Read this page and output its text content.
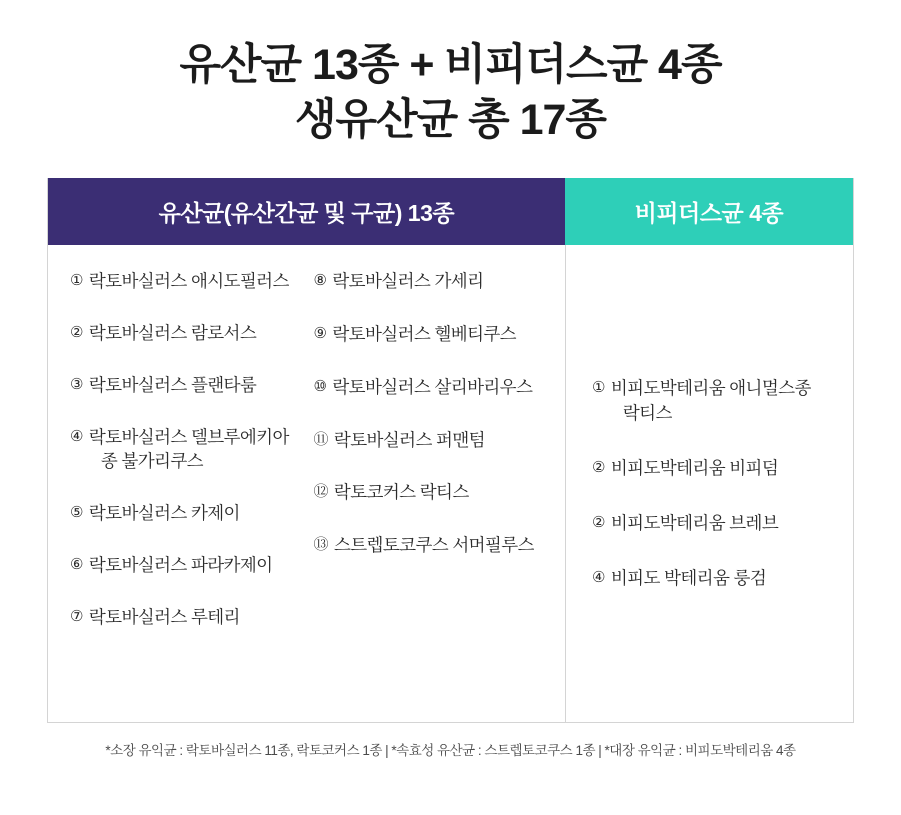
유산균 13종 + 비피더스균 4종
생유산균 총 17종
유산균(유산간균 및 구균) 13종	비피더스균 4종
① 락토바실러스 애시도필러스
② 락토바실러스 람로서스
③ 락토바실러스 플랜타룸
④ 락토바실러스 델브루에키아
종 불가리쿠스
⑤ 락토바실러스 카제이
⑥ 락토바실러스 파라카제이
⑦ 락토바실러스 루테리
⑧ 락토바실러스 가세리
⑨ 락토바실러스 헬베티쿠스
⑩ 락토바실러스 살리바리우스
⑪ 락토바실러스 퍼맨텀
⑫ 락토코커스 락티스
⑬ 스트렙토코쿠스 서머필루스
① 비피도박테리움 애니멀스종
락티스
② 비피도박테리움 비피덤
② 비피도박테리움 브레브
④ 비피도 박테리움 룽검
*소장 유익균 : 락토바실러스 11종, 락토코커스 1종 | *속효성 유산균 : 스트렙토코쿠스 1종 | *대장 유익균 : 비피도박테리움 4종
